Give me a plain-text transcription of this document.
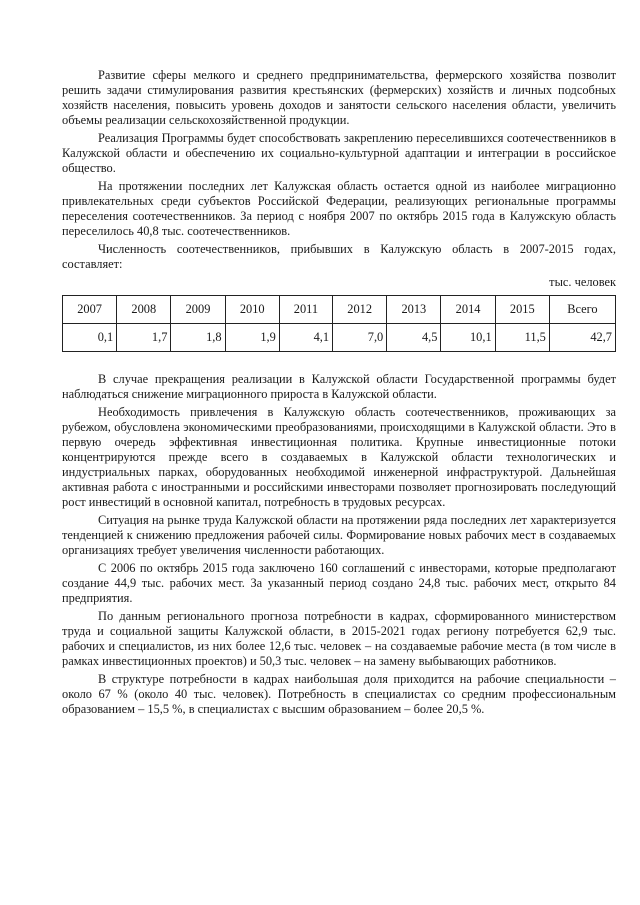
Развитие сферы мелкого и среднего предпринимательства, фермерского хозяйства позволит решить задачи стимулирования развития крестьянских (фермерских) хозяйств и личных подсобных хозяйств населения, повысить уровень доходов и занятости сельского населения области, увеличить объемы реализации сельскохозяйственной продукции.

Реализация Программы будет способствовать закреплению переселившихся соотечественников в Калужской области и обеспечению их социально-культурной адаптации и интеграции в российское общество.

На протяжении последних лет Калужская область остается одной из наиболее миграционно привлекательных среди субъектов Российской Федерации, реализующих региональные программы переселения соотечественников. За период с ноября 2007 по октябрь 2015 года в Калужскую область переселилось 40,8 тыс. соотечественников.

Численность соотечественников, прибывших в Калужскую область в 2007-2015 годах, составляет:

тыс. человек
2007	2008	2009	2010	2011	2012	2013	2014	2015	Всего
0,1	1,7	1,8	1,9	4,1	7,0	4,5	10,1	11,5	42,7

В случае прекращения реализации в Калужской области Государственной программы будет наблюдаться снижение миграционного прироста в Калужской области.

Необходимость привлечения в Калужскую область соотечественников, проживающих за рубежом, обусловлена экономическими преобразованиями, происходящими в Калужской области. Это в первую очередь эффективная инвестиционная политика. Крупные инвестиционные потоки концентрируются прежде всего в создаваемых в Калужской области технологических и индустриальных парках, оборудованных необходимой инженерной инфраструктурой. Дальнейшая активная работа с иностранными и российскими инвесторами позволяет прогнозировать последующий рост инвестиций в основной капитал, потребность в трудовых ресурсах.

Ситуация на рынке труда Калужской области на протяжении ряда последних лет характеризуется тенденцией к снижению предложения рабочей силы. Формирование новых рабочих мест в создаваемых организациях требует увеличения численности работающих.

С 2006 по октябрь 2015 года заключено 160 соглашений с инвесторами, которые предполагают создание 44,9 тыс. рабочих мест. За указанный период создано 24,8 тыс. рабочих мест, открыто 84 предприятия.

По данным регионального прогноза потребности в кадрах, сформированного министерством труда и социальной защиты Калужской области, в 2015-2021 годах региону потребуется 62,9 тыс. рабочих и специалистов, из них более 12,6 тыс. человек – на создаваемые рабочие места (в том числе в рамках инвестиционных проектов) и 50,3 тыс. человек – на замену выбывающих работников.

В структуре потребности в кадрах наибольшая доля приходится на рабочие специальности – около 67 % (около 40 тыс. человек). Потребность в специалистах со средним профессиональным образованием – 15,5 %, в специалистах с высшим образованием – более 20,5 %.
